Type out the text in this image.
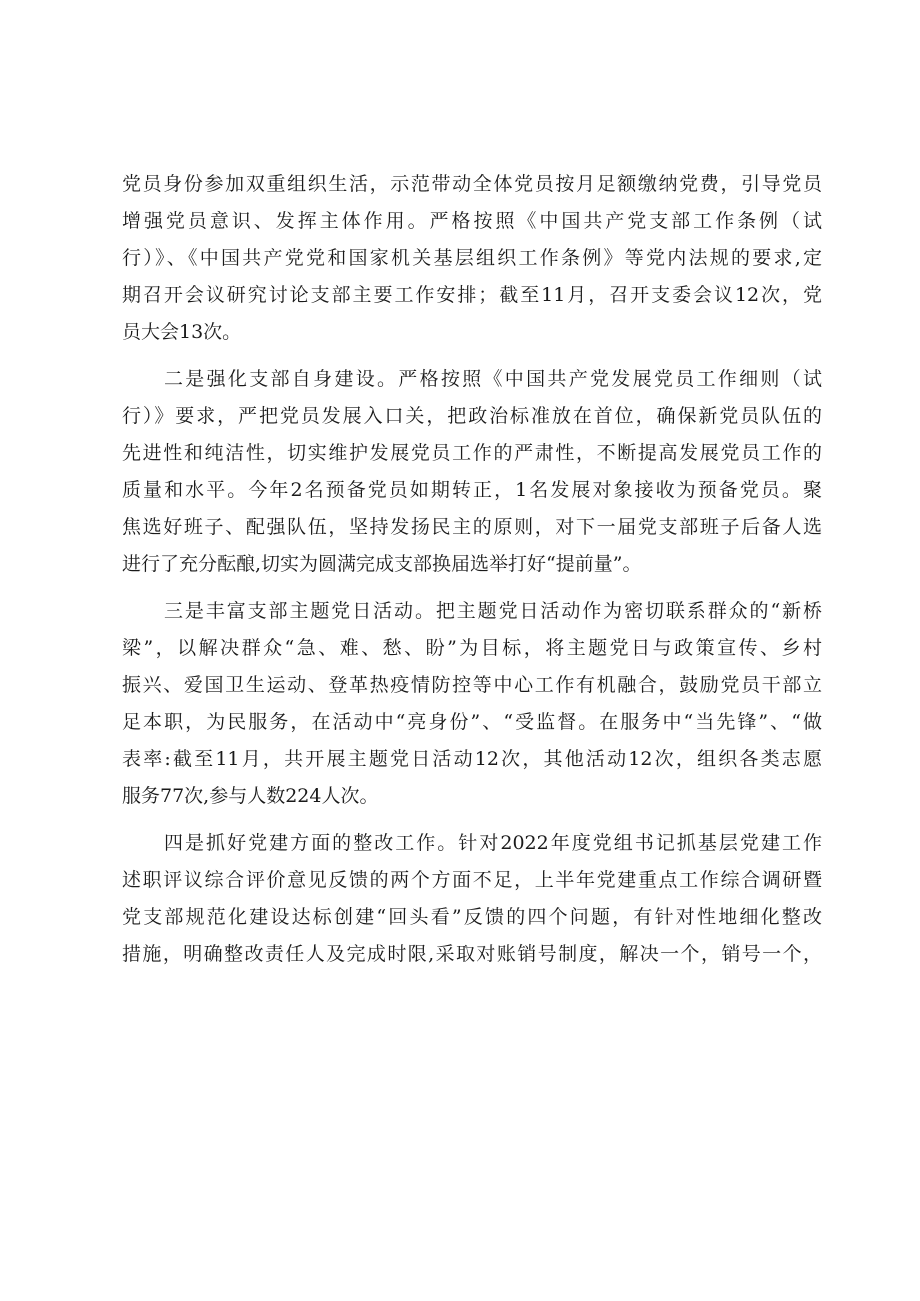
党员身份参加双重组织生活，示范带动全体党员按月足额缴纳党费，引导党员
增强党员意识、发挥主体作用。严格按照《中国共产党支部工作条例（试
行）》、《中国共产党党和国家机关基层组织工作条例》等党内法规的要求,定
期召开会议研究讨论支部主要工作安排；截至11月，召开支委会议12次，党
员大会13次。

二是强化支部自身建设。严格按照《中国共产党发展党员工作细则（试
行）》要求，严把党员发展入口关，把政治标准放在首位，确保新党员队伍的
先进性和纯洁性，切实维护发展党员工作的严肃性，不断提高发展党员工作的
质量和水平。今年2名预备党员如期转正，1名发展对象接收为预备党员。聚
焦选好班子、配强队伍，坚持发扬民主的原则，对下一届党支部班子后备人选
进行了充分酝酿,切实为圆满完成支部换届选举打好“提前量”。

三是丰富支部主题党日活动。把主题党日活动作为密切联系群众的“新桥
梁”，以解决群众“急、难、愁、盼”为目标，将主题党日与政策宣传、乡村
振兴、爱国卫生运动、登革热疫情防控等中心工作有机融合，鼓励党员干部立
足本职，为民服务，在活动中“亮身份”、“受监督。在服务中“当先锋”、“做
表率:截至11月，共开展主题党日活动12次，其他活动12次，组织各类志愿
服务77次,参与人数224人次。

四是抓好党建方面的整改工作。针对2022年度党组书记抓基层党建工作
述职评议综合评价意见反馈的两个方面不足，上半年党建重点工作综合调研暨
党支部规范化建设达标创建“回头看”反馈的四个问题，有针对性地细化整改
措施，明确整改责任人及完成时限,采取对账销号制度，解决一个，销号一个，
